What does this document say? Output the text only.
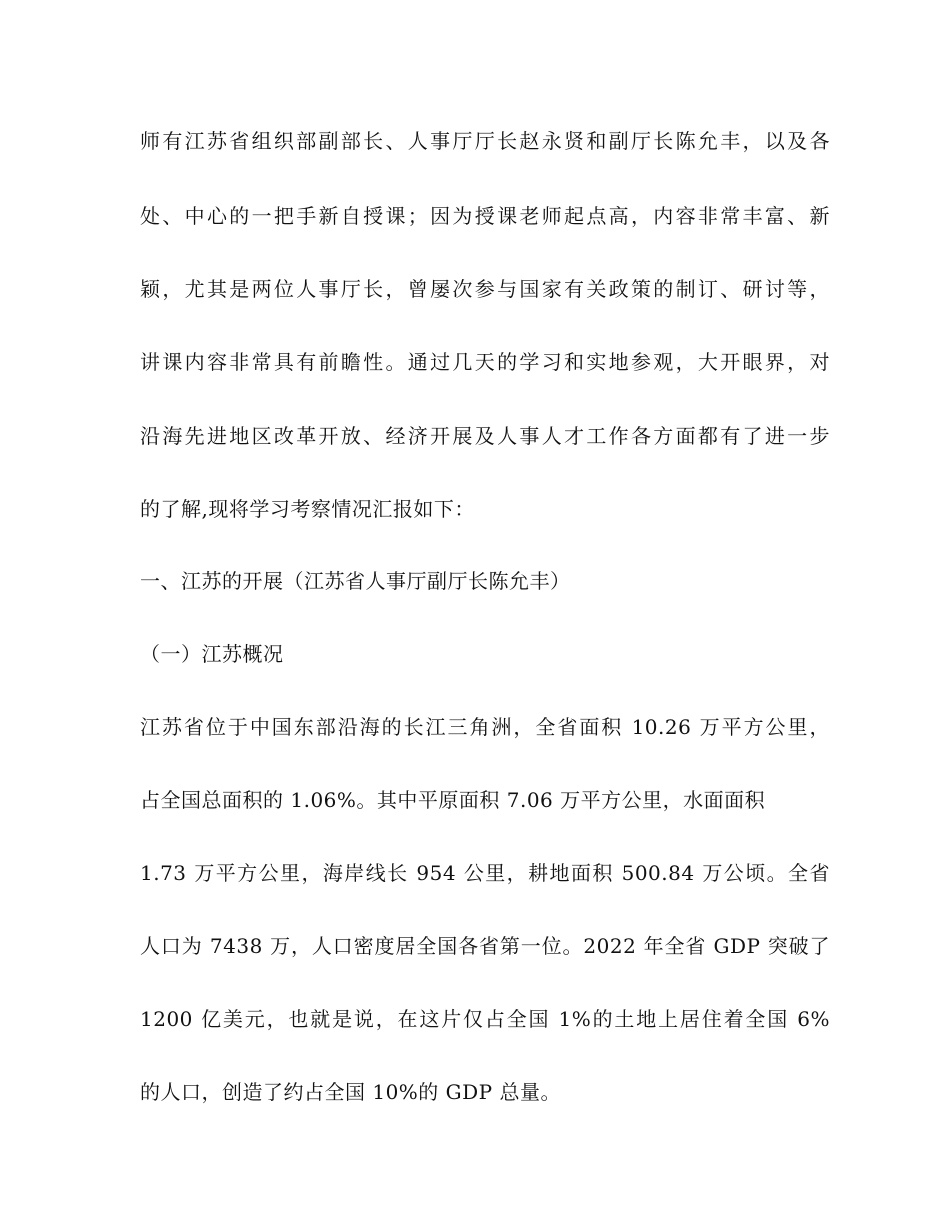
师有江苏省组织部副部长、人事厅厅长赵永贤和副厅长陈允丰，以及各
处、中心的一把手新自授课；因为授课老师起点高，内容非常丰富、新
颖，尤其是两位人事厅长，曾屡次参与国家有关政策的制订、研讨等，
讲课内容非常具有前瞻性。通过几天的学习和实地参观，大开眼界，对
沿海先进地区改革开放、经济开展及人事人才工作各方面都有了进一步
的了解,现将学习考察情况汇报如下：
一、江苏的开展（江苏省人事厅副厅长陈允丰）
（一）江苏概况
江苏省位于中国东部沿海的长江三角洲，全省面积 10.26 万平方公里，
占全国总面积的 1.06%。其中平原面积 7.06 万平方公里，水面面积
1.73 万平方公里，海岸线长 954 公里，耕地面积 500.84 万公顷。全省
人口为 7438 万，人口密度居全国各省第一位。2022 年全省 GDP 突破了
1200 亿美元，也就是说，在这片仅占全国 1%的土地上居住着全国 6%
的人口，创造了约占全国 10%的 GDP 总量。
